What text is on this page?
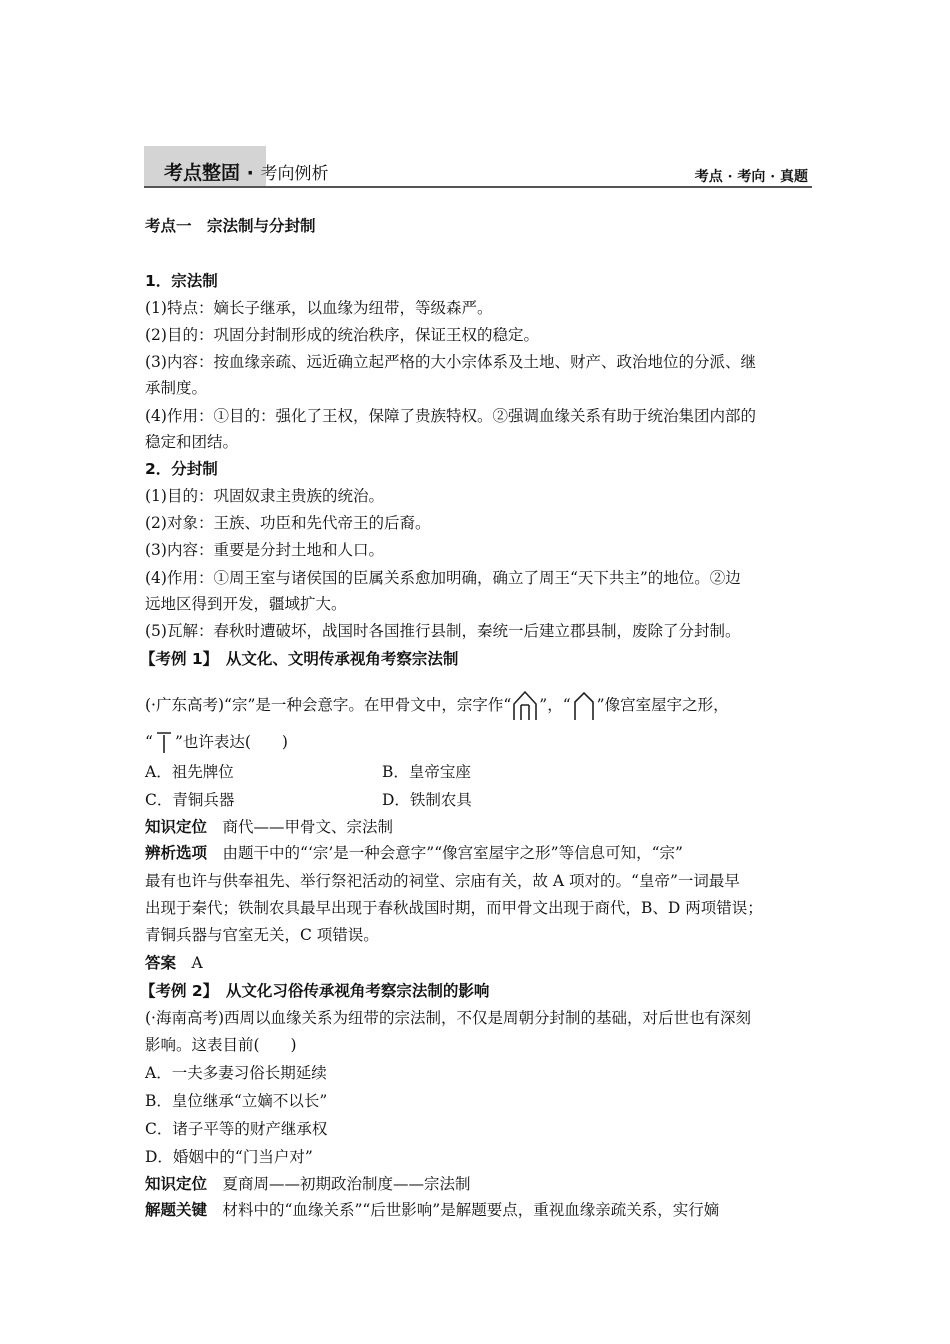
考点整固 · 考向例析	考点 · 考向 · 真题
考点一　宗法制与分封制
1．宗法制
(1)特点：嫡长子继承，以血缘为纽带，等级森严。
(2)目的：巩固分封制形成的统治秩序，保证王权的稳定。
(3)内容：按血缘亲疏、远近确立起严格的大小宗体系及土地、财产、政治地位的分派、继
承制度。
(4)作用：①目的：强化了王权，保障了贵族特权。②强调血缘关系有助于统治集团内部的
稳定和团结。
2．分封制
(1)目的：巩固奴隶主贵族的统治。
(2)对象：王族、功臣和先代帝王的后裔。
(3)内容：重要是分封土地和人口。
(4)作用：①周王室与诸侯国的臣属关系愈加明确，确立了周王“天下共主”的地位。②边
远地区得到开发，疆域扩大。
(5)瓦解：春秋时遭破坏，战国时各国推行县制，秦统一后建立郡县制，废除了分封制。
【考例 1】　从文化、文明传承视角考察宗法制
(·广东高考)“宗”是一种会意字。在甲骨文中，宗字作“ ”，“ ”像宫室屋宇之形，
“ ”也许表达(　　)
A．祖先牌位	B．皇帝宝座
C．青铜兵器	D．铁制农具
知识定位　商代——甲骨文、宗法制
辨析选项　由题干中的“‘宗’是一种会意字”“像宫室屋宇之形”等信息可知，“宗”
最有也许与供奉祖先、举行祭祀活动的祠堂、宗庙有关，故 A 项对的。“皇帝”一词最早
出现于秦代；铁制农具最早出现于春秋战国时期，而甲骨文出现于商代，B、D 两项错误；
青铜兵器与官室无关，C 项错误。
答案　A
【考例 2】　从文化习俗传承视角考察宗法制的影响
(·海南高考)西周以血缘关系为纽带的宗法制，不仅是周朝分封制的基础，对后世也有深刻
影响。这表目前(　　)
A．一夫多妻习俗长期延续
B．皇位继承“立嫡不以长”
C．诸子平等的财产继承权
D．婚姻中的“门当户对”
知识定位　夏商周——初期政治制度——宗法制
解题关键　材料中的“血缘关系”“后世影响”是解题要点，重视血缘亲疏关系，实行嫡
